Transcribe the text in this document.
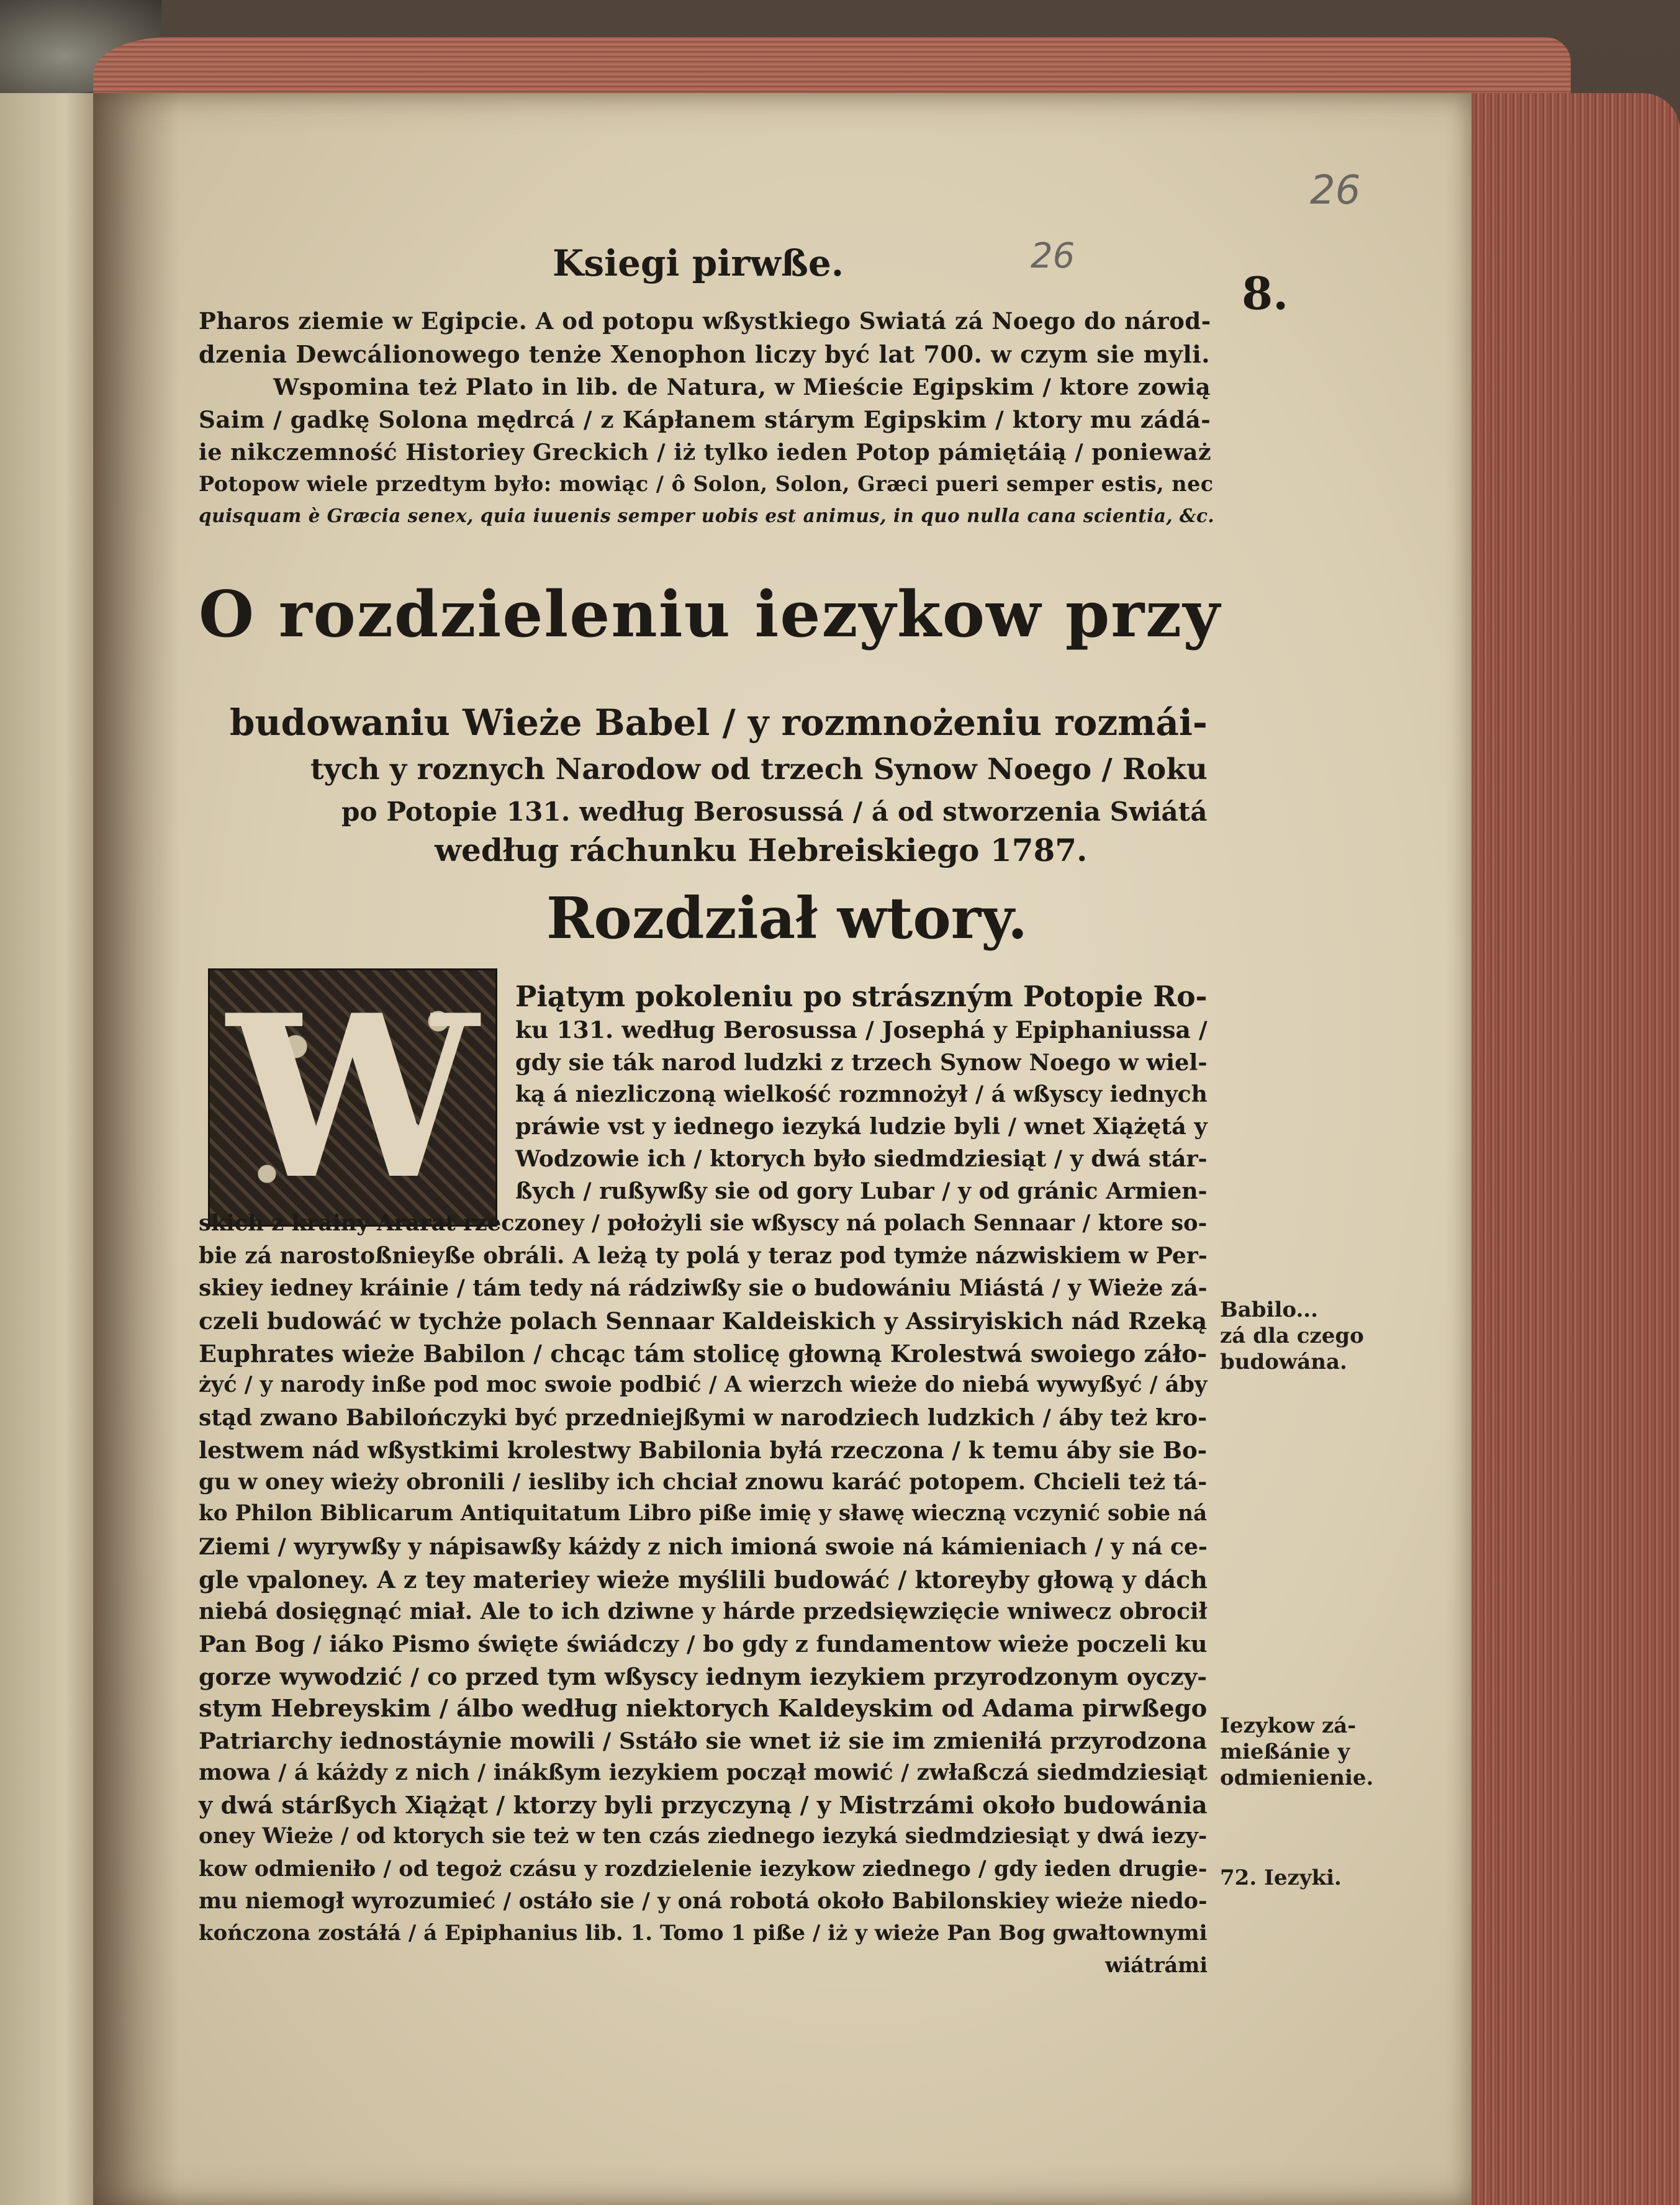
26
26
Ksiegi pirwße.
8.
Pharos ziemie w Egipcie. A od potopu wßystkiego Swiatá zá Noego do národ-
dzenia Dewcálionowego tenże Xenophon liczy być lat 700. w czym sie myli.
Wspomina też Plato in lib. de Natura, w Mieście Egipskim / ktore zowią
Saim / gadkę Solona mędrcá / z Kápłanem stárym Egipskim / ktory mu zádá-
ie nikczemność Historiey Greckich / iż tylko ieden Potop pámiętáią / ponieważ
Potopow wiele przedtym było: mowiąc / ô Solon, Solon, Græci pueri semper estis, nec
quisquam è Græcia senex, quia iuuenis semper uobis est animus, in quo nulla cana scientia, &c.
O rozdzieleniu iezykow przy
budowaniu Wieże Babel / y rozmnożeniu rozmái-
tych y roznych Narodow od trzech Synow Noego / Roku
po Potopie 131. według Berosussá / á od stworzenia Swiátá
według ráchunku Hebreiskiego 1787.
Rozdział wtory.
W	Piątym pokoleniu po strászným Potopie Ro-
ku 131. według Berosussa / Josephá y Epiphaniussa /
gdy sie ták narod ludzki z trzech Synow Noego w wiel-
ką á niezliczoną wielkość rozmnożył / á wßyscy iednych
práwie vst y iednego iezyká ludzie byli / wnet Xiążętá y
Wodzowie ich / ktorych było siedmdziesiąt / y dwá stár-
ßych / rußywßy sie od gory Lubar / y od gránic Armien-
skich z krainy Ararat rzeczoney / położyli sie wßyscy ná polach Sennaar / ktore so-
bie zá narostoßnieyße obráli. A leżą ty polá y teraz pod tymże názwiskiem w Per-
skiey iedney kráinie / tám tedy ná rádziwßy sie o budowániu Miástá / y Wieże zá-
czeli budowáć w tychże polach Sennaar Kaldeiskich y Assiryiskich nád Rzeką
Euphrates wieże Babilon / chcąc tám stolicę głowną Krolestwá swoiego záło-
żyć / y narody inße pod moc swoie podbić / A wierzch wieże do niebá wywyßyć / áby
stąd zwano Babilończyki być przedniejßymi w narodziech ludzkich / áby też kro-
lestwem nád wßystkimi krolestwy Babilonia byłá rzeczona / k temu áby sie Bo-
gu w oney wieży obronili / iesliby ich chciał znowu karáć potopem. Chcieli też tá-
ko Philon Biblicarum Antiquitatum Libro piße imię y sławę wieczną vczynić sobie ná
Ziemi / wyrywßy y nápisawßy káżdy z nich imioná swoie ná kámieniach / y ná ce-
gle vpaloney. A z tey materiey wieże myślili budowáć / ktoreyby głową y dách
niebá dosięgnąć miał. Ale to ich dziwne y hárde przedsięwzięcie wniwecz obrocił
Pan Bog / iáko Pismo święte świádczy / bo gdy z fundamentow wieże poczeli ku
gorze wywodzić / co przed tym wßyscy iednym iezykiem przyrodzonym oyczy-
stym Hebreyskim / álbo według niektorych Kaldeyskim od Adama pirwßego
Patriarchy iednostáynie mowili / Sstáło sie wnet iż sie im zmieniłá przyrodzona
mowa / á káżdy z nich / inákßym iezykiem począł mowić / zwłaßczá siedmdziesiąt
y dwá stárßych Xiążąt / ktorzy byli przyczyną / y Mistrzámi około budowánia
oney Wieże / od ktorych sie też w ten czás ziednego iezyká siedmdziesiąt y dwá iezy-
kow odmieniło / od tegoż czásu y rozdzielenie iezykow ziednego / gdy ieden drugie-
mu niemogł wyrozumieć / ostáło sie / y oná robotá około Babilonskiey wieże niedo-
kończona zostáłá / á Epiphanius lib. 1. Tomo 1 piße / iż y wieże Pan Bog gwałtownymi
wiátrámi
Babilo...
zá dla czego
budowána.
Iezykow zá-
mießánie y
odmienienie.
72. Iezyki.
